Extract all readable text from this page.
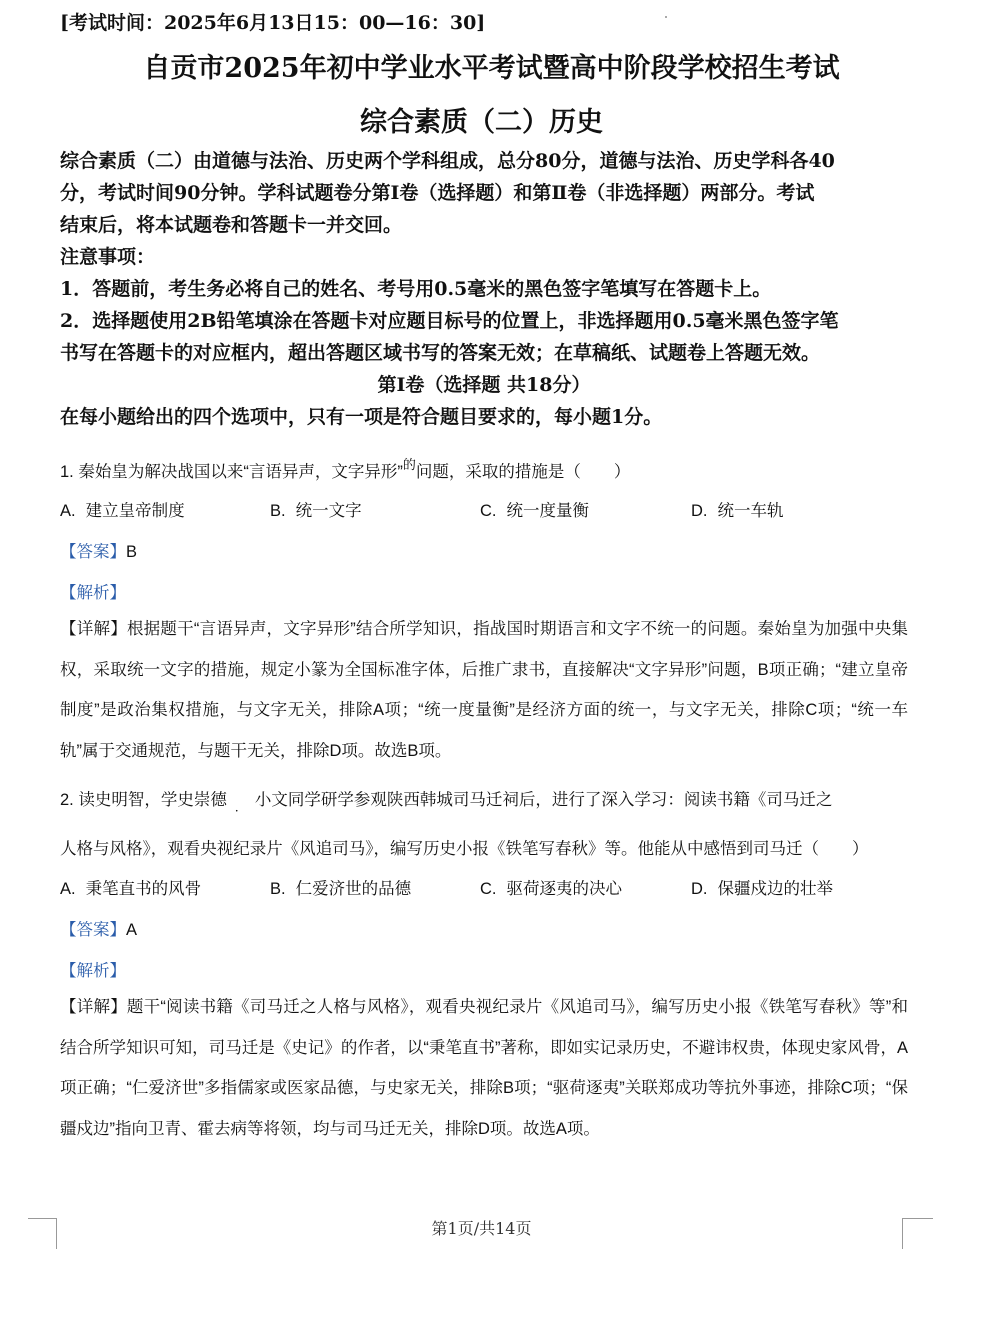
[考试时间：2025年6月13日15：00—16：30]
自贡市2025年初中学业水平考试暨高中阶段学校招生考试
综合素质（二）历史

综合素质（二）由道德与法治、历史两个学科组成，总分80分，道德与法治、历史学科各40

分，考试时间90分钟。学科试题卷分第Ⅰ卷（选择题）和第Ⅱ卷（非选择题）两部分。考试

结束后，将本试题卷和答题卡一并交回。

注意事项：

1．答题前，考生务必将自己的姓名、考号用0.5毫米的黑色签字笔填写在答题卡上。

2．选择题使用2B铅笔填涂在答题卡对应题目标号的位置上，非选择题用0.5毫米黑色签字笔

书写在答题卡的对应框内，超出答题区域书写的答案无效；在草稿纸、试题卷上答题无效。

第Ⅰ卷（选择题 共18分）

在每小题给出的四个选项中，只有一项是符合题目要求的，每小题1分。

1. 秦始皇为解决战国以来“言语异声，文字异形”$^的$问题，采取的措施是（　　）
A. 建立皇帝制度	B. 统一文字	C. 统一度量衡	D. 统一车轨
【答案】B
【解析】
【详解】根据题干“言语异声，文字异形”结合所学知识，指战国时期语言和文字不统一的问题。秦始皇为加强中央集权，采取统一文字的措施，规定小篆为全国标准字体，后推广隶书，直接解决“文字异形”问题，B项正确；“建立皇帝制度”是政治集权措施，与文字无关，排除A项；“统一度量衡”是经济方面的统一，与文字无关，排除C项；“统一车轨”属于交通规范，与题干无关，排除D项。故选B项。
2. 读史明智，学史崇德 $_.$ 小文同学研学参观陕西韩城司马迁祠后，进行了深入学习：阅读书籍《司马迁之
人格与风格》，观看央视纪录片《风追司马》，编写历史小报《铁笔写春秋》等。他能从中感悟到司马迁（　　）
A. 秉笔直书的风骨	B. 仁爱济世的品德	C. 驱荷逐夷的决心	D. 保疆戍边的壮举
【答案】A
【解析】
【详解】题干“阅读书籍《司马迁之人格与风格》，观看央视纪录片《风追司马》，编写历史小报《铁笔写春秋》等”和结合所学知识可知，司马迁是《史记》的作者，以“秉笔直书”著称，即如实记录历史，不避讳权贵，体现史家风骨，A项正确；“仁爱济世”多指儒家或医家品德，与史家无关，排除B项；“驱荷逐夷”关联郑成功等抗外事迹，排除C项；“保疆戍边”指向卫青、霍去病等将领，均与司马迁无关，排除D项。故选A项。
第1页/共14页
